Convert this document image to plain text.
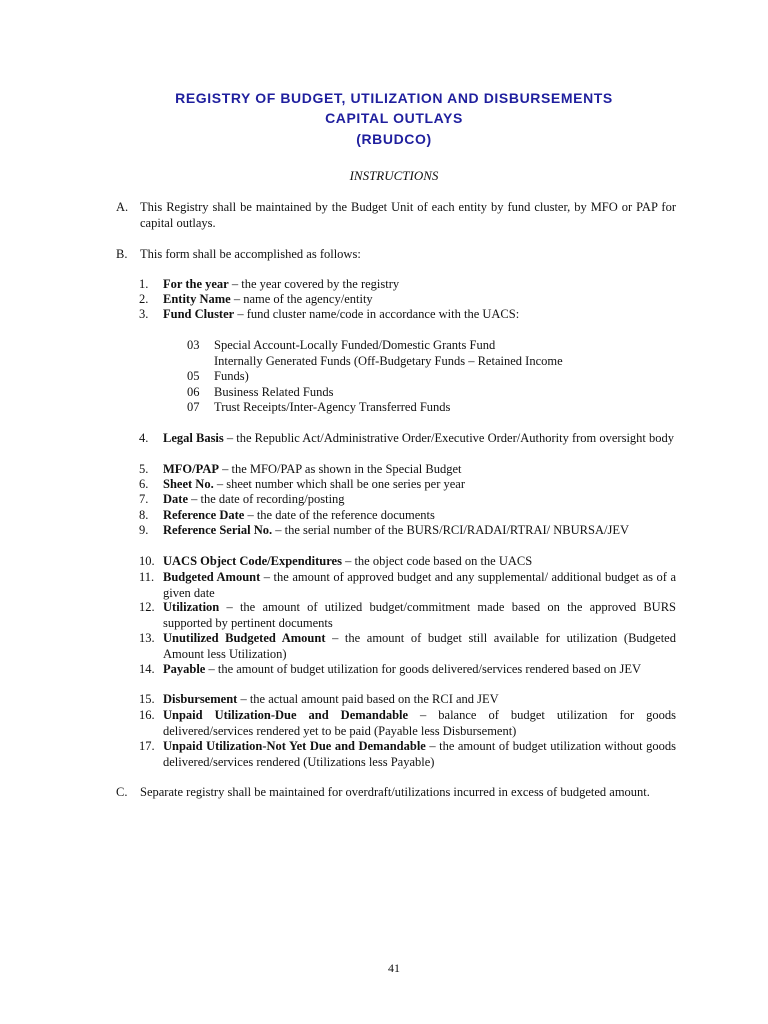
REGISTRY OF BUDGET, UTILIZATION AND DISBURSEMENTS
CAPITAL OUTLAYS
(RBUDCO)
INSTRUCTIONS
A. This Registry shall be maintained by the Budget Unit of each entity by fund cluster, by MFO or PAP for capital outlays.
B. This form shall be accomplished as follows:
1.	For the year – the year covered by the registry
2.	Entity Name – name of the agency/entity
3.	Fund Cluster – fund cluster name/code in accordance with the UACS:
03 Special Account-Locally Funded/Domestic Grants Fund
Internally Generated Funds (Off-Budgetary Funds – Retained Income
05 Funds)
06 Business Related Funds
07 Trust Receipts/Inter-Agency Transferred Funds
4.	Legal Basis – the Republic Act/Administrative Order/Executive Order/Authority from oversight body
5.	MFO/PAP – the MFO/PAP as shown in the Special Budget
6.	Sheet No. – sheet number which shall be one series per year
7.	Date – the date of recording/posting
8.	Reference Date – the date of the reference documents
9.	Reference Serial No. – the serial number of the BURS/RCI/RADAI/RTRAI/ NBURSA/JEV
10. UACS Object Code/Expenditures – the object code based on the UACS
11. Budgeted Amount – the amount of approved budget and any supplemental/ additional budget as of a given date
12. Utilization – the amount of utilized budget/commitment made based on the approved BURS supported by pertinent documents
13. Unutilized Budgeted Amount – the amount of budget still available for utilization (Budgeted Amount less Utilization)
14. Payable – the amount of budget utilization for goods delivered/services rendered based on JEV
15. Disbursement – the actual amount paid based on the RCI and JEV
16. Unpaid Utilization-Due and Demandable – balance of budget utilization for goods delivered/services rendered yet to be paid (Payable less Disbursement)
17. Unpaid Utilization-Not Yet Due and Demandable – the amount of budget utilization without goods delivered/services rendered (Utilizations less Payable)
C. Separate registry shall be maintained for overdraft/utilizations incurred in excess of budgeted amount.
41
